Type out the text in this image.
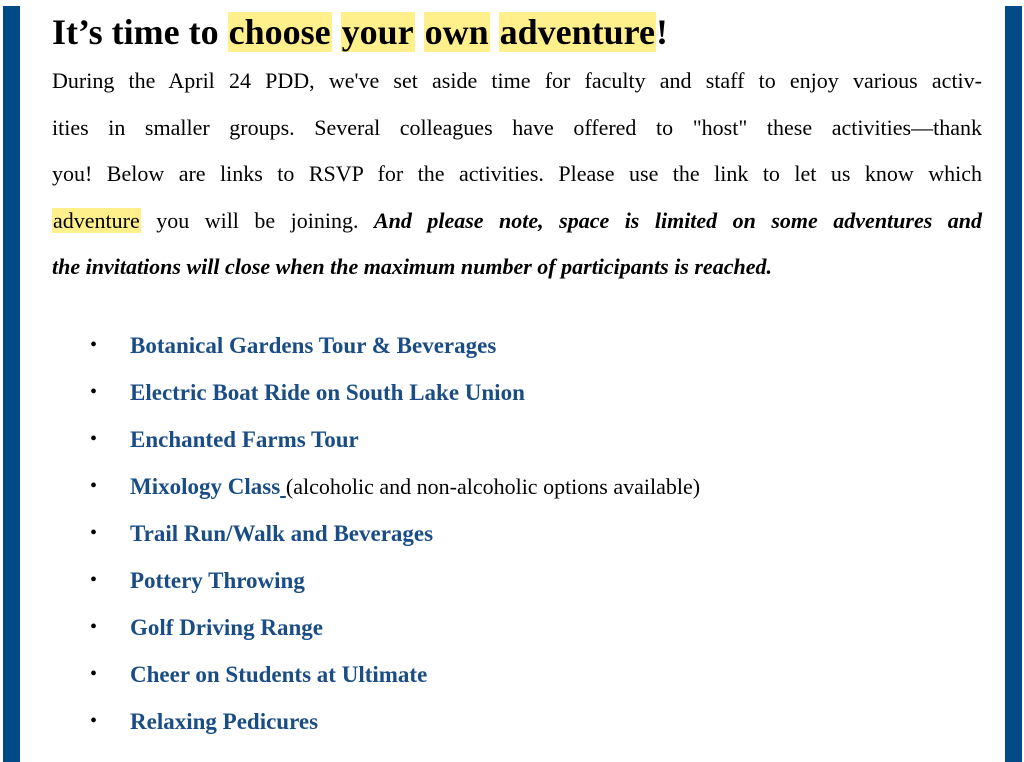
It’s time to choose your own adventure!

During the April 24 PDD, we've set aside time for faculty and staff to enjoy various activ-
ities in smaller groups. Several colleagues have offered to "host" these activities—thank
you! Below are links to RSVP for the activities. Please use the link to let us know which
adventure you will be joining. And please note, space is limited on some adventures and
the invitations will close when the maximum number of participants is reached.

• Botanical Gardens Tour & Beverages
• Electric Boat Ride on South Lake Union
• Enchanted Farms Tour
• Mixology Class (alcoholic and non-alcoholic options available)
• Trail Run/Walk and Beverages
• Pottery Throwing
• Golf Driving Range
• Cheer on Students at Ultimate
• Relaxing Pedicures
